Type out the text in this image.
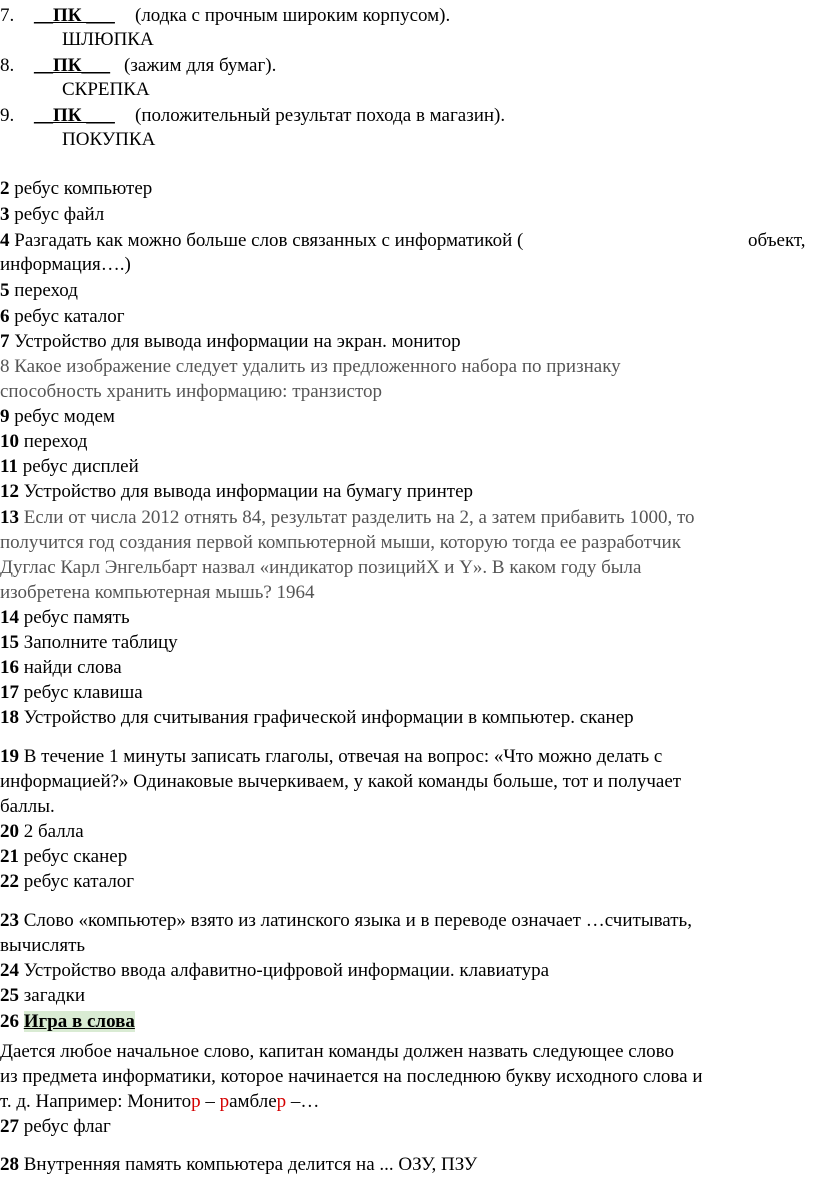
7. __ПК ___ (лодка с прочным широким корпусом).
ШЛЮПКА
8. __ПК___ (зажим для бумаг).
СКРЕПКА
9. __ПК ___ (положительный результат похода в магазин).
ПОКУПКА
2 ребус компьютер
3 ребус файл
4 Разгадать как можно больше слов связанных с информатикой (	объект,
информация….)
5 переход
6 ребус каталог
7 Устройство для вывода информации на экран. монитор
8 Какое изображение следует удалить из предложенного набора по признаку
способность хранить информацию: транзистор
9 ребус модем
10 переход
11 ребус дисплей
12 Устройство для вывода информации на бумагу принтер
13 Если от числа 2012 отнять 84, результат разделить на 2, а затем прибавить 1000, то
получится год создания первой компьютерной мыши, которую тогда ее разработчик
Дуглас Карл Энгельбарт назвал «индикатор позицийX и Y». В каком году была
изобретена компьютерная мышь? 1964
14 ребус память
15 Заполните таблицу
16 найди слова
17 ребус клавиша
18 Устройство для считывания графической информации в компьютер. сканер
19 В течение 1 минуты записать глаголы, отвечая на вопрос: «Что можно делать с
информацией?» Одинаковые вычеркиваем, у какой команды больше, тот и получает
баллы.
20 2 балла
21 ребус сканер
22 ребус каталог
23 Слово «компьютер» взято из латинского языка и в переводе означает …считывать,
вычислять
24 Устройство ввода алфавитно-цифровой информации. клавиатура
25 загадки
26 Игра в слова
Дается любое начальное слово, капитан команды должен назвать следующее слово
из предмета информатики, которое начинается на последнюю букву исходного слова и
т. д. Например: Монитор – рамблер –…
27 ребус флаг
28 Внутренняя память компьютера делится на ... ОЗУ, ПЗУ
